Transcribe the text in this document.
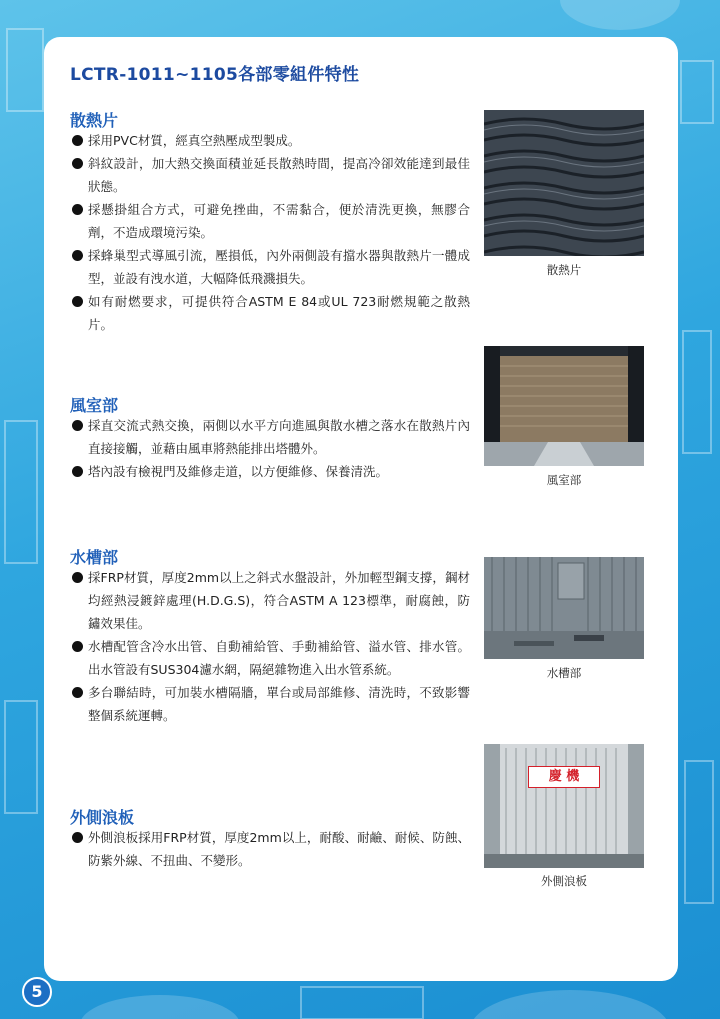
LCTR-1011~1105各部零組件特性
散熱片
採用PVC材質，經真空熱壓成型製成。
斜紋設計，加大熱交換面積並延長散熱時間，提高冷卻效能達到最佳狀態。
採懸掛組合方式，可避免挫曲，不需黏合，便於清洗更換，無膠合劑，不造成環境污染。
採蜂巢型式導風引流，壓損低，內外兩側設有擋水器與散熱片一體成型，並設有洩水道，大幅降低飛濺損失。
如有耐燃要求，可提供符合ASTM E 84或UL 723耐燃規範之散熱片。
散熱片
風室部
採直交流式熱交換，兩側以水平方向進風與散水槽之落水在散熱片內直接接觸，並藉由風車將熱能排出塔體外。
塔內設有檢視門及維修走道，以方便維修、保養清洗。
風室部
水槽部
採FRP材質，厚度2mm以上之斜式水盤設計，外加輕型鋼支撐，鋼材均經熱浸鍍鋅處理(H.D.G.S)，符合ASTM A 123標準，耐腐蝕，防鏽效果佳。
水槽配管含冷水出管、自動補給管、手動補給管、溢水管、排水管。出水管設有SUS304濾水網，隔絕雜物進入出水管系統。
多台聯結時，可加裝水槽隔牆，單台或局部維修、清洗時，不致影響整個系統運轉。
水槽部
外側浪板
外側浪板採用FRP材質，厚度2mm以上，耐酸、耐鹼、耐候、防蝕、防紫外線、不扭曲、不變形。
慶 機
外側浪板
5
